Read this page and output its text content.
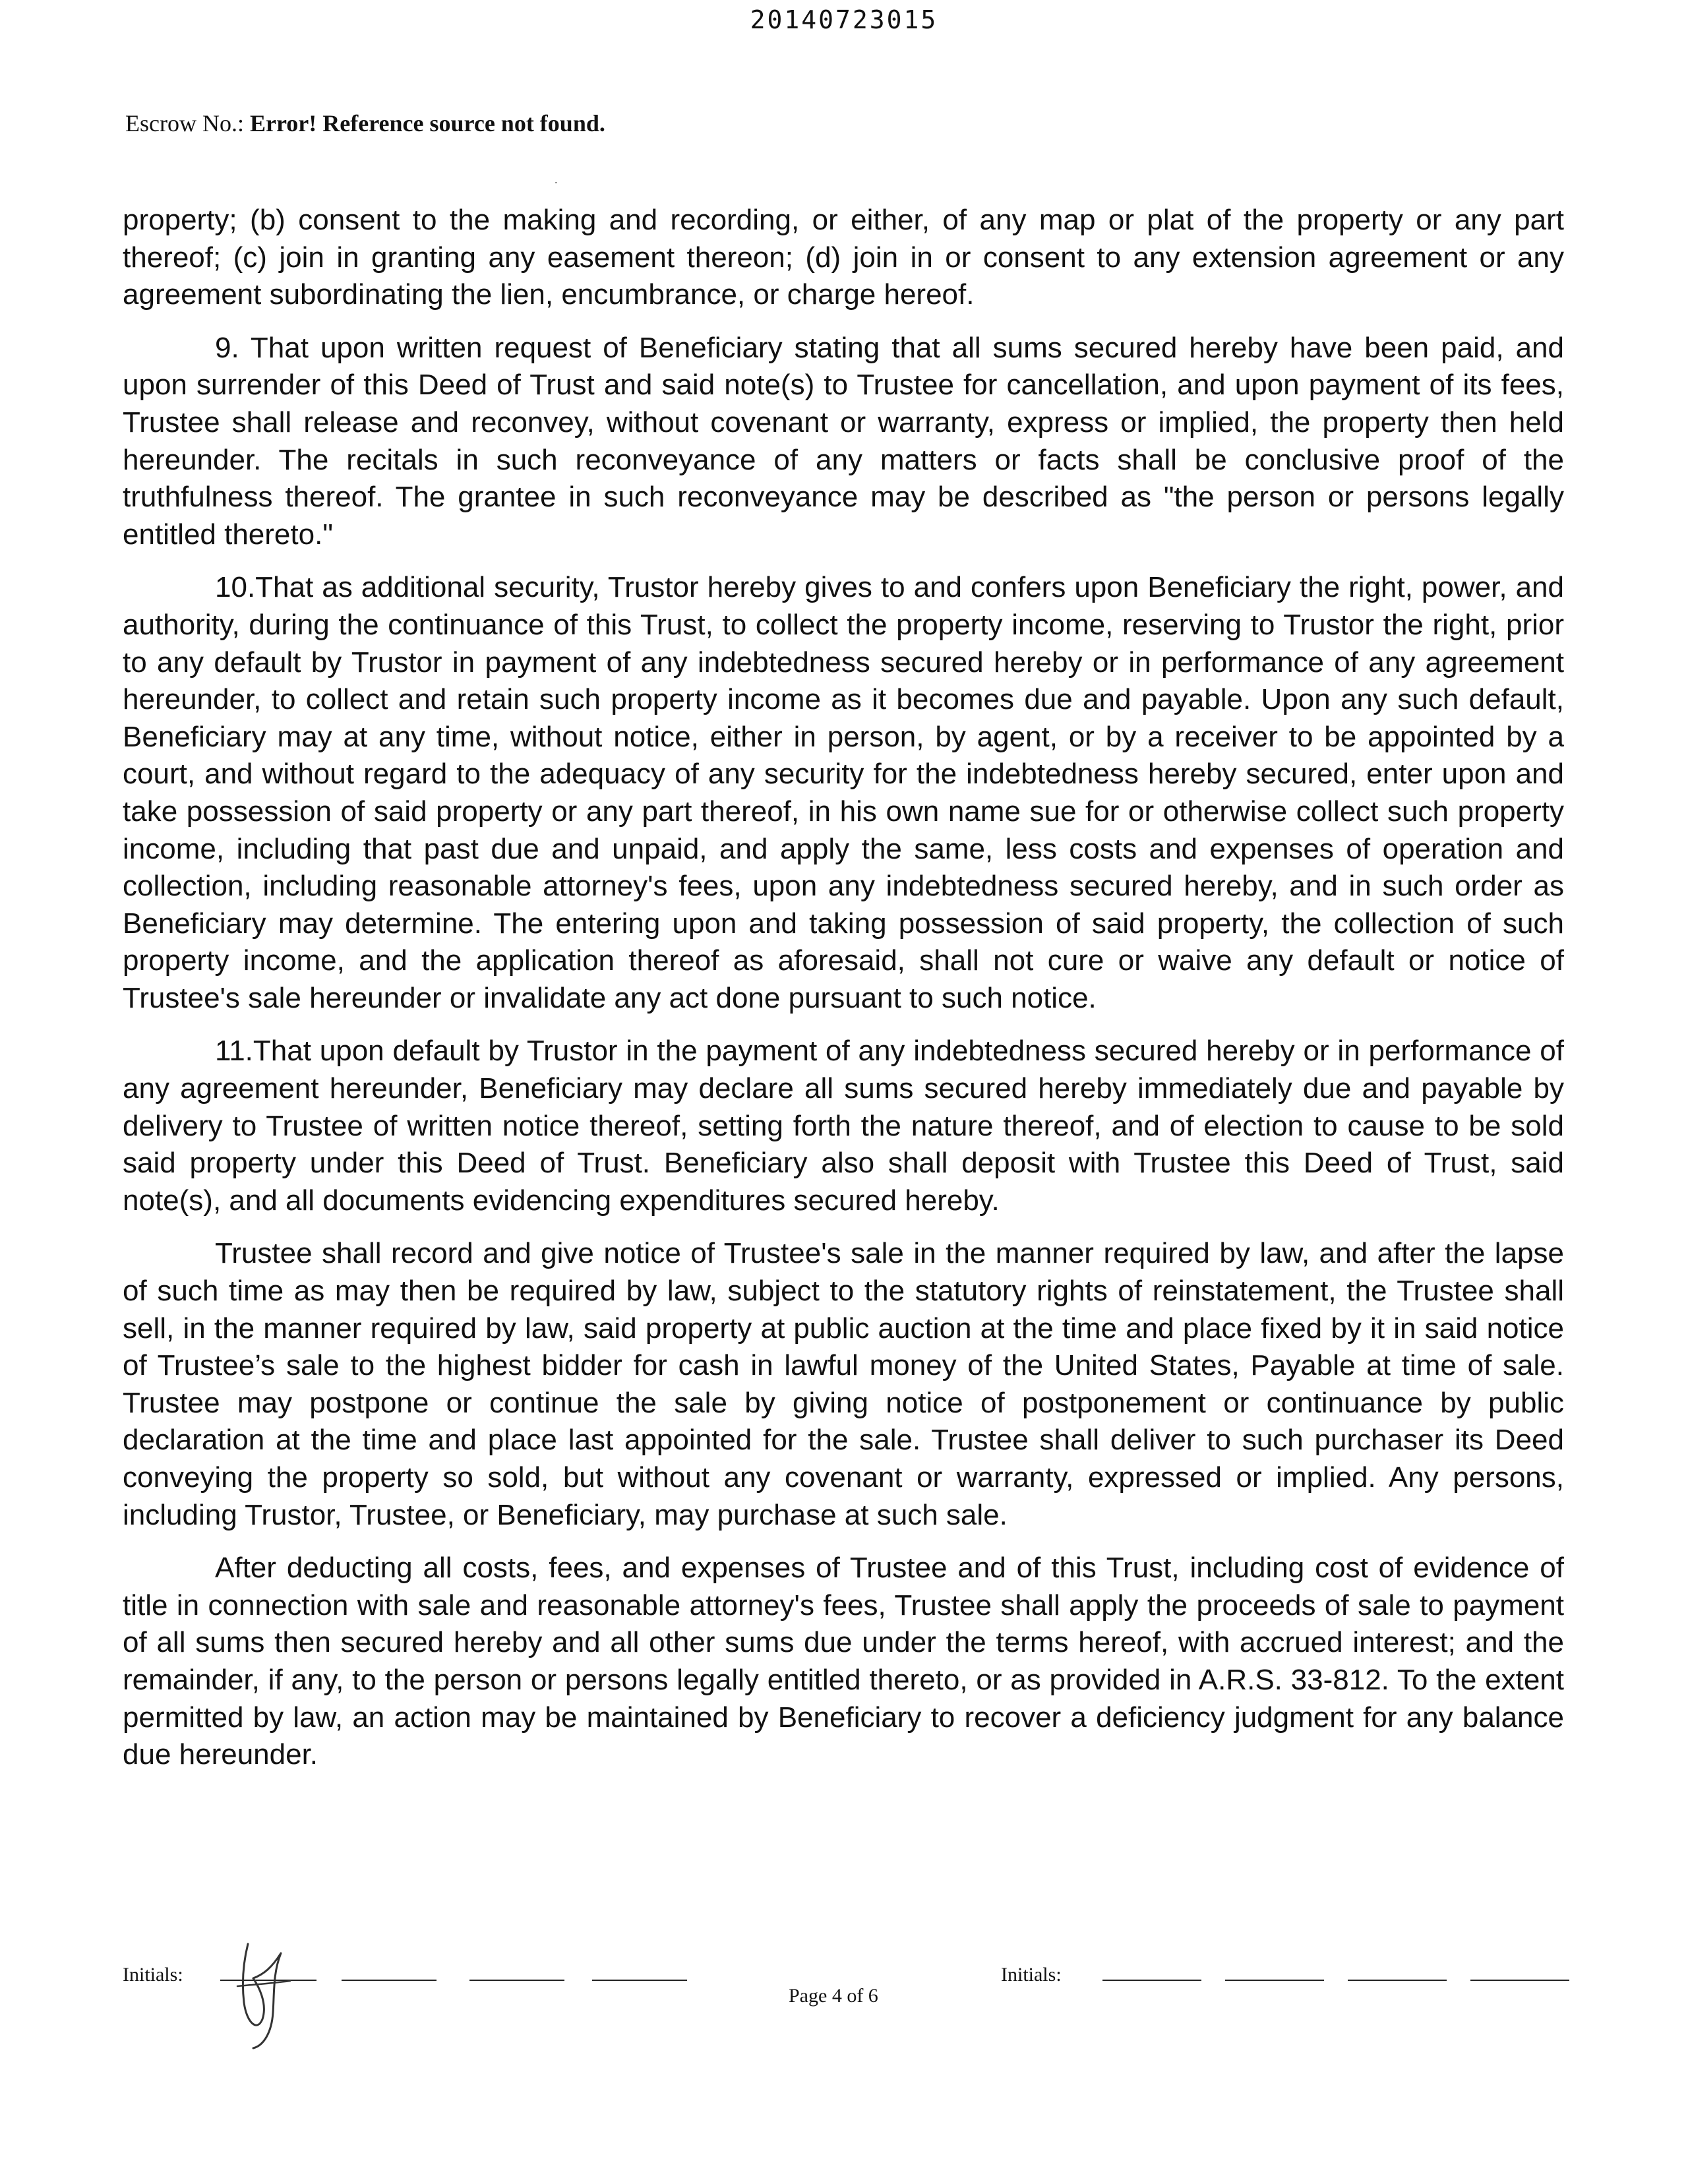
20140723015
Escrow No.: Error! Reference source not found.

property; (b) consent to the making and recording, or either, of any map or plat of the property or any part thereof; (c) join in granting any easement thereon; (d) join in or consent to any extension agreement or any agreement subordinating the lien, encumbrance, or charge hereof.

9. That upon written request of Beneficiary stating that all sums secured hereby have been paid, and upon surrender of this Deed of Trust and said note(s) to Trustee for cancellation, and upon payment of its fees, Trustee shall release and reconvey, without covenant or warranty, express or implied, the property then held hereunder. The recitals in such reconveyance of any matters or facts shall be conclusive proof of the truthfulness thereof. The grantee in such reconveyance may be described as "the person or persons legally entitled thereto."

10.That as additional security, Trustor hereby gives to and confers upon Beneficiary the right, power, and authority, during the continuance of this Trust, to collect the property income, reserving to Trustor the right, prior to any default by Trustor in payment of any indebtedness secured hereby or in performance of any agreement hereunder, to collect and retain such property income as it becomes due and payable. Upon any such default, Beneficiary may at any time, without notice, either in person, by agent, or by a receiver to be appointed by a court, and without regard to the adequacy of any security for the indebtedness hereby secured, enter upon and take possession of said property or any part thereof, in his own name sue for or otherwise collect such property income, including that past due and unpaid, and apply the same, less costs and expenses of operation and collection, including reasonable attorney's fees, upon any indebtedness secured hereby, and in such order as Beneficiary may determine. The entering upon and taking possession of said property, the collection of such property income, and the application thereof as aforesaid, shall not cure or waive any default or notice of Trustee's sale hereunder or invalidate any act done pursuant to such notice.

11.That upon default by Trustor in the payment of any indebtedness secured hereby or in performance of any agreement hereunder, Beneficiary may declare all sums secured hereby immediately due and payable by delivery to Trustee of written notice thereof, setting forth the nature thereof, and of election to cause to be sold said property under this Deed of Trust. Beneficiary also shall deposit with Trustee this Deed of Trust, said note(s), and all documents evidencing expenditures secured hereby.

Trustee shall record and give notice of Trustee's sale in the manner required by law, and after the lapse of such time as may then be required by law, subject to the statutory rights of reinstatement, the Trustee shall sell, in the manner required by law, said property at public auction at the time and place fixed by it in said notice of Trustee’s sale to the highest bidder for cash in lawful money of the United States, Payable at time of sale. Trustee may postpone or continue the sale by giving notice of postponement or continuance by public declaration at the time and place last appointed for the sale. Trustee shall deliver to such purchaser its Deed conveying the property so sold, but without any covenant or warranty, expressed or implied. Any persons, including Trustor, Trustee, or Beneficiary, may purchase at such sale.

After deducting all costs, fees, and expenses of Trustee and of this Trust, including cost of evidence of title in connection with sale and reasonable attorney's fees, Trustee shall apply the proceeds of sale to payment of all sums then secured hereby and all other sums due under the terms hereof, with accrued interest; and the remainder, if any, to the person or persons legally entitled thereto, or as provided in A.R.S. 33-812. To the extent permitted by law, an action may be maintained by Beneficiary to recover a deficiency judgment for any balance due hereunder.

Initials:
Page 4 of 6
Initials:
